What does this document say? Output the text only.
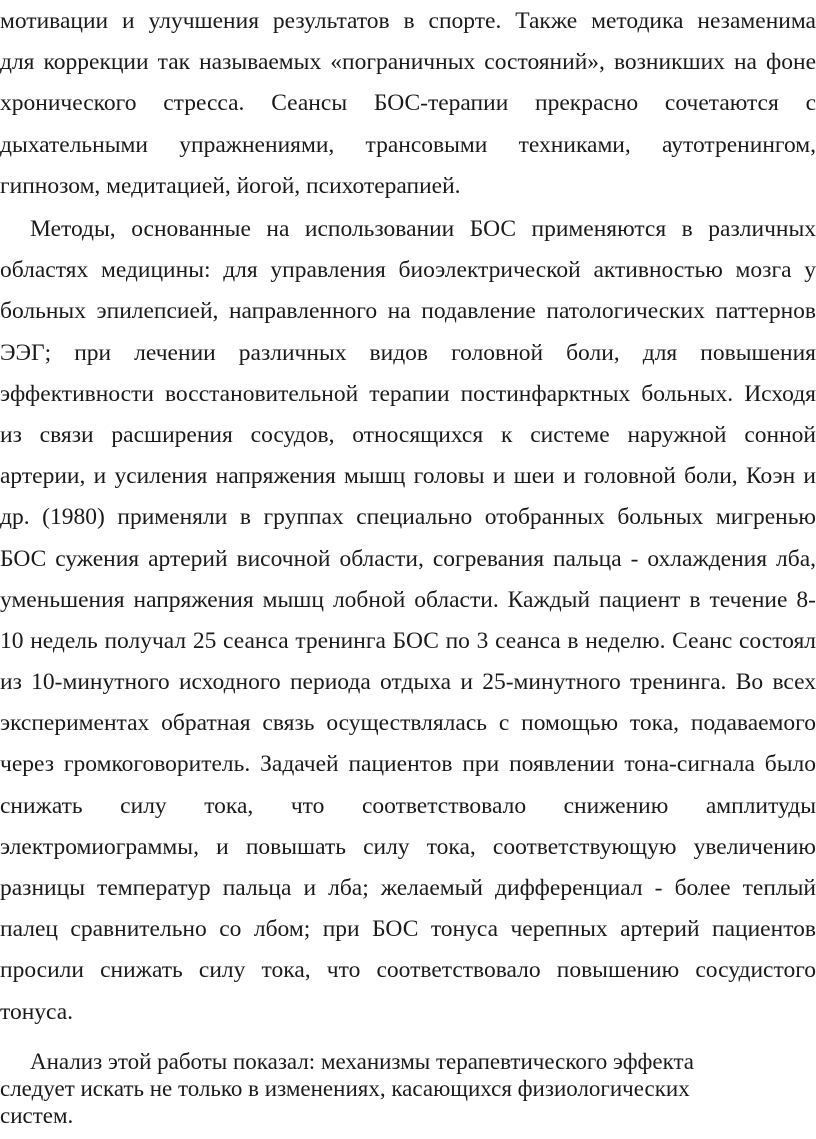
мотивации и улучшения результатов в спорте. Также методика незаменима
для коррекции так называемых «пограничных состояний», возникших на фоне
хронического стресса. Сеансы БОС-терапии прекрасно сочетаются с
дыхательными упражнениями, трансовыми техниками, аутотренингом,
гипнозом, медитацией, йогой, психотерапией.
Методы, основанные на использовании БОС применяются в различных
областях медицины: для управления биоэлектрической активностью мозга у
больных эпилепсией, направленного на подавление патологических паттернов
ЭЭГ; при лечении различных видов головной боли, для повышения
эффективности восстановительной терапии постинфарктных больных. Исходя
из связи расширения сосудов, относящихся к системе наружной сонной
артерии, и усиления напряжения мышц головы и шеи и головной боли, Коэн и
др. (1980) применяли в группах специально отобранных больных мигренью
БОС сужения артерий височной области, согревания пальца - охлаждения лба,
уменьшения напряжения мышц лобной области. Каждый пациент в течение 8-
10 недель получал 25 сеанса тренинга БОС по 3 сеанса в неделю. Сеанс состоял
из 10-минутного исходного периода отдыха и 25-минутного тренинга. Во всех
экспериментах обратная связь осуществлялась с помощью тока, подаваемого
через громкоговоритель. Задачей пациентов при появлении тона-сигнала было
снижать силу тока, что соответствовало снижению амплитуды
электромиограммы, и повышать силу тока, соответствующую увеличению
разницы температур пальца и лба; желаемый дифференциал - более теплый
палец сравнительно со лбом; при БОС тонуса черепных артерий пациентов
просили снижать силу тока, что соответствовало повышению сосудистого
тонуса.
Анализ этой работы показал: механизмы терапевтического эффекта
следует искать не только в изменениях, касающихся физиологических
систем.
